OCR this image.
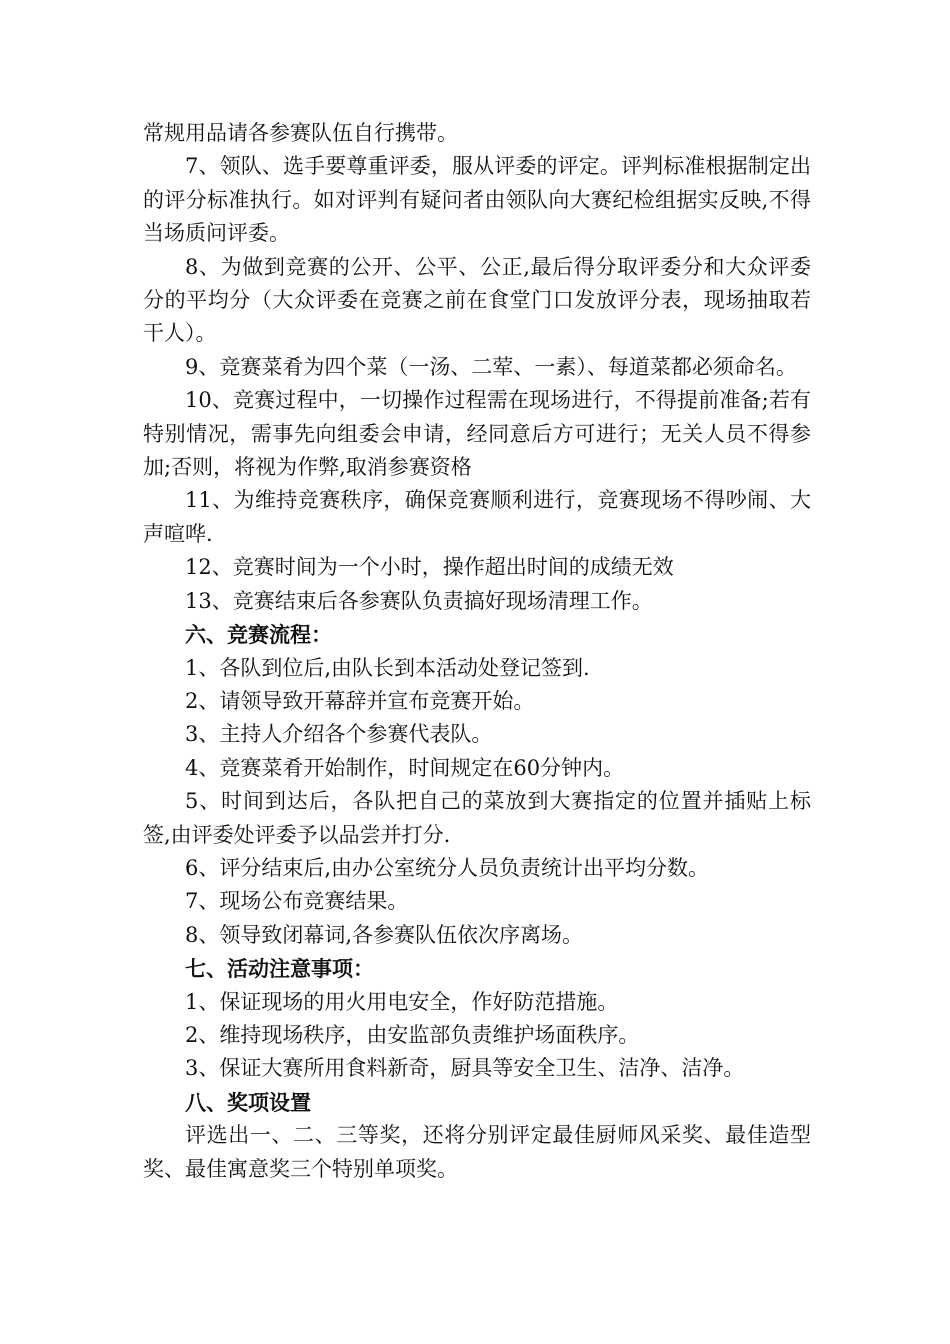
常规用品请各参赛队伍自行携带。

7、领队、选手要尊重评委，服从评委的评定。评判标准根据制定出的评分标准执行。如对评判有疑问者由领队向大赛纪检组据实反映,不得当场质问评委。

8、为做到竞赛的公开、公平、公正,最后得分取评委分和大众评委分的平均分（大众评委在竞赛之前在食堂门口发放评分表，现场抽取若干人）。

9、竞赛菜肴为四个菜（一汤、二荤、一素）、每道菜都必须命名。

10、竞赛过程中，一切操作过程需在现场进行，不得提前准备;若有特别情况，需事先向组委会申请，经同意后方可进行；无关人员不得参加;否则，将视为作弊,取消参赛资格

11、为维持竞赛秩序，确保竞赛顺利进行，竞赛现场不得吵闹、大声喧哗.

12、竞赛时间为一个小时，操作超出时间的成绩无效

13、竞赛结束后各参赛队负责搞好现场清理工作。

六、竞赛流程：

1、各队到位后,由队长到本活动处登记签到.

2、请领导致开幕辞并宣布竞赛开始。

3、主持人介绍各个参赛代表队。

4、竞赛菜肴开始制作，时间规定在60分钟内。

5、时间到达后，各队把自己的菜放到大赛指定的位置并插贴上标签,由评委处评委予以品尝并打分.

6、评分结束后,由办公室统分人员负责统计出平均分数。

7、现场公布竞赛结果。

8、领导致闭幕词,各参赛队伍依次序离场。

七、活动注意事项：

1、保证现场的用火用电安全，作好防范措施。

2、维持现场秩序，由安监部负责维护场面秩序。

3、保证大赛所用食料新奇，厨具等安全卫生、洁净、洁净。

八、奖项设置

评选出一、二、三等奖，还将分别评定最佳厨师风采奖、最佳造型奖、最佳寓意奖三个特别单项奖。
